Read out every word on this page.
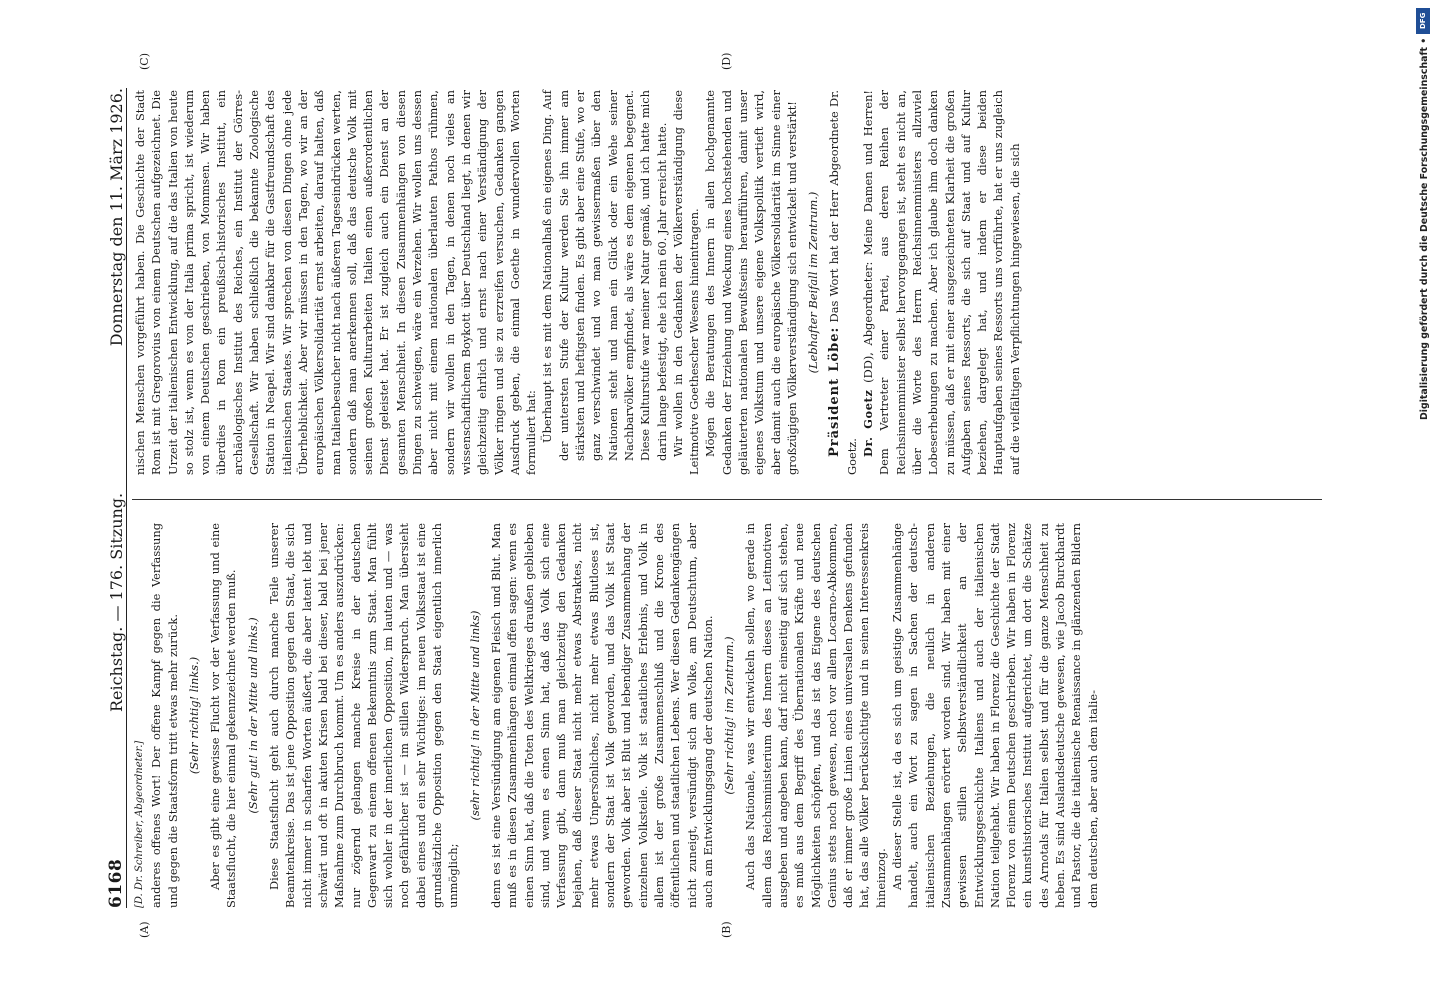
6168
Reichstag. — 176. Sitzung.
Donnerstag den 11. März 1926.
(A)	(B)
(C)	(D)

[D. Dr. Schreiber, Abgeordneter.] anderes offenes Wort! Der offene Kampf gegen die Verfassung und gegen die Staatsform tritt etwas mehr zurück. (Sehr richtig! links.) Aber es gibt eine gewisse Flucht vor der Verfassung und eine Staatsflucht, die hier einmal gekennzeichnet werden muß. (Sehr gut! in der Mitte und links.) Diese Staatsflucht geht auch durch manche Teile unserer Beamtenkreise. Das ist jene Opposition gegen den Staat, die sich nicht immer in scharfen Worten äußert, die aber latent lebt und schwärt und oft in akuten Krisen bald bei dieser, bald bei jener Maßnahme zum Durchbruch kommt. Um es anders auszudrücken: nur zögernd gelangen manche Kreise in der deutschen Gegenwart zu einem offenen Bekenntnis zum Staat. Man fühlt sich wohler in der innerlichen Opposition, im lauten und — was noch gefährlicher ist — im stillen Widerspruch. Man übersieht dabei eines und ein sehr Wichtiges: im neuen Volksstaat ist eine grundsätzliche Opposition gegen den Staat eigentlich innerlich unmöglich;

(sehr richtig! in der Mitte und links) denn es ist eine Versündigung am eigenen Fleisch und Blut. Man muß es in diesen Zusammenhängen einmal offen sagen: wenn es einen Sinn hat, daß die Toten des Weltkrieges draußen geblieben sind, und wenn es einen Sinn hat, daß das Volk sich eine Verfassung gibt, dann muß man gleichzeitig den Gedanken bejahen, daß dieser Staat nicht mehr etwas Abstraktes, nicht mehr etwas Unpersönliches, nicht mehr etwas Blutloses ist, sondern der Staat ist Volk geworden, und das Volk ist Staat geworden. Volk aber ist Blut und lebendiger Zusammenhang der einzelnen Volksteile. Volk ist staatliches Erlebnis, und Volk in allem ist der große Zusammenschluß und die Krone des öffentlichen und staatlichen Lebens. Wer diesen Gedankengängen nicht zuneigt, versündigt sich am Volke, am Deutschtum, aber auch am Entwicklungsgang der deutschen Nation. (Sehr richtig! im Zentrum.) Auch das Nationale, was wir entwickeln sollen, wo gerade in allem das Reichsministerium des Innern dieses an Leitmotiven ausgeben und angeben kann, darf nicht einseitig auf sich stehen, es muß aus dem Begriff des Übernationalen Kräfte und neue Möglichkeiten schöpfen, und das ist das Eigene des deutschen Genius stets noch gewesen, noch vor allem Locarno-Abkommen, daß er immer große Linien eines universalen Denkens gefunden hat, das alle Völker berücksichtigte und in seinen Interessenkreis hineinzog. An dieser Stelle ist, da es sich um geistige Zusammenhänge handelt, auch ein Wort zu sagen in Sachen der deutsch-italienischen Beziehungen, die neulich in anderen Zusammenhängen erörtert worden sind. Wir haben mit einer gewissen stillen Selbstverständlichkeit an der Entwicklungsgeschichte Italiens und auch der italienischen Nation teilgehabt. Wir haben in Florenz die Geschichte der Stadt Florenz von einem Deutschen geschrieben. Wir haben in Florenz ein kunsthistorisches Institut aufgerichtet, um dort die Schätze des Arnotals für Italien selbst und für die ganze Menschheit zu heben. Es sind Auslandsdeutsche gewesen, wie Jacob Burckhardt und Pastor, die die italienische Renaissance in glänzenden Bildern dem deutschen, aber auch dem italie-

nischen Menschen vorgeführt haben. Die Geschichte der Stadt Rom ist mit Gregorovius von einem Deutschen aufgezeichnet. Die Urzeit der italienischen Entwicklung, auf die das Italien von heute so stolz ist, wenn es von der Italia prima spricht, ist wiederum von einem Deutschen geschrieben, von Mommsen. Wir haben überdies in Rom ein preußisch-historisches Institut, ein archäologisches Institut des Reiches, ein Institut der Görres-Gesellschaft. Wir haben schließlich die bekannte Zoologische Station in Neapel. Wir sind dankbar für die Gastfreundschaft des italienischen Staates. Wir sprechen von diesen Dingen ohne jede Überheblichkeit. Aber wir müssen in den Tagen, wo wir an der europäischen Völkersolidarität ernst arbeiten, darauf halten, daß man Italienbesucher nicht nach äußeren Tageseindrücken werten, sondern daß man anerkennen soll, daß das deutsche Volk mit seinen großen Kulturarbeiten Italien einen außerordentlichen Dienst geleistet hat. Er ist zugleich auch ein Dienst an der gesamten Menschheit. In diesen Zusammenhängen von diesen Dingen zu schweigen, wäre ein Verzehen. Wir wollen uns dessen aber nicht mit einem nationalen überlauten Pathos rühmen, sondern wir wollen in den Tagen, in denen noch vieles an wissenschaftlichem Boykott über Deutschland liegt, in denen wir gleichzeitig ehrlich und ernst nach einer Verständigung der Völker ringen und sie zu erzreifen versuchen, Gedanken gangen Ausdruck geben, die einmal Goethe in wundervollen Worten formuliert hat: Überhaupt ist es mit dem Nationalhaß ein eigenes Ding. Auf der untersten Stufe der Kultur werden Sie ihn immer am stärksten und heftigsten finden. Es gibt aber eine Stufe, wo er ganz verschwindet und wo man gewissermaßen über den Nationen steht und man ein Glück oder ein Wehe seiner Nachbarvölker empfindet, als wäre es dem eigenen begegnet. Diese Kulturstufe war meiner Natur gemäß, und ich hatte mich darin lange befestigt, ehe ich mein 60. Jahr erreicht hatte. Wir wollen in den Gedanken der Völkerverständigung diese Leitmotive Goethescher Wesens hineintragen. Mögen die Beratungen des Innern in allen hochgenannte Gedanken der Erziehung und Weckung eines hochstehenden und geläuterten nationalen Bewußtseins heraufführen, damit unser eigenes Volkstum und unsere eigene Volkspolitik vertieft wird, aber damit auch die europäische Völkersolidarität im Sinne einer großzügigen Völkerverständigung sich entwickelt und verstärkt! (Lebhafter Beifall im Zentrum.)

Präsident Löbe: Das Wort hat der Herr Abgeordnete Dr. Goetz. Dr. Goetz (DD), Abgeordneter: Meine Damen und Herren! Dem Vertreter einer Partei, aus deren Reihen der Reichsinnenminister selbst hervorgegangen ist, steht es nicht an, über die Worte des Herrn Reichsinnenministers allzuviel Lobeserhebungen zu machen. Aber ich glaube ihm doch danken zu müssen, daß er mit einer ausgezeichneten Klarheit die großen Aufgaben seines Ressorts, die sich auf Staat und auf Kultur beziehen, dargelegt hat, und indem er diese beiden Hauptaufgaben seines Ressorts uns vorführte, hat er uns zugleich auf die vielfältigen Verpflichtungen hingewiesen, die sich

DFG
Digitalisierung gefördert durch die Deutsche Forschungsgemeinschaft •
